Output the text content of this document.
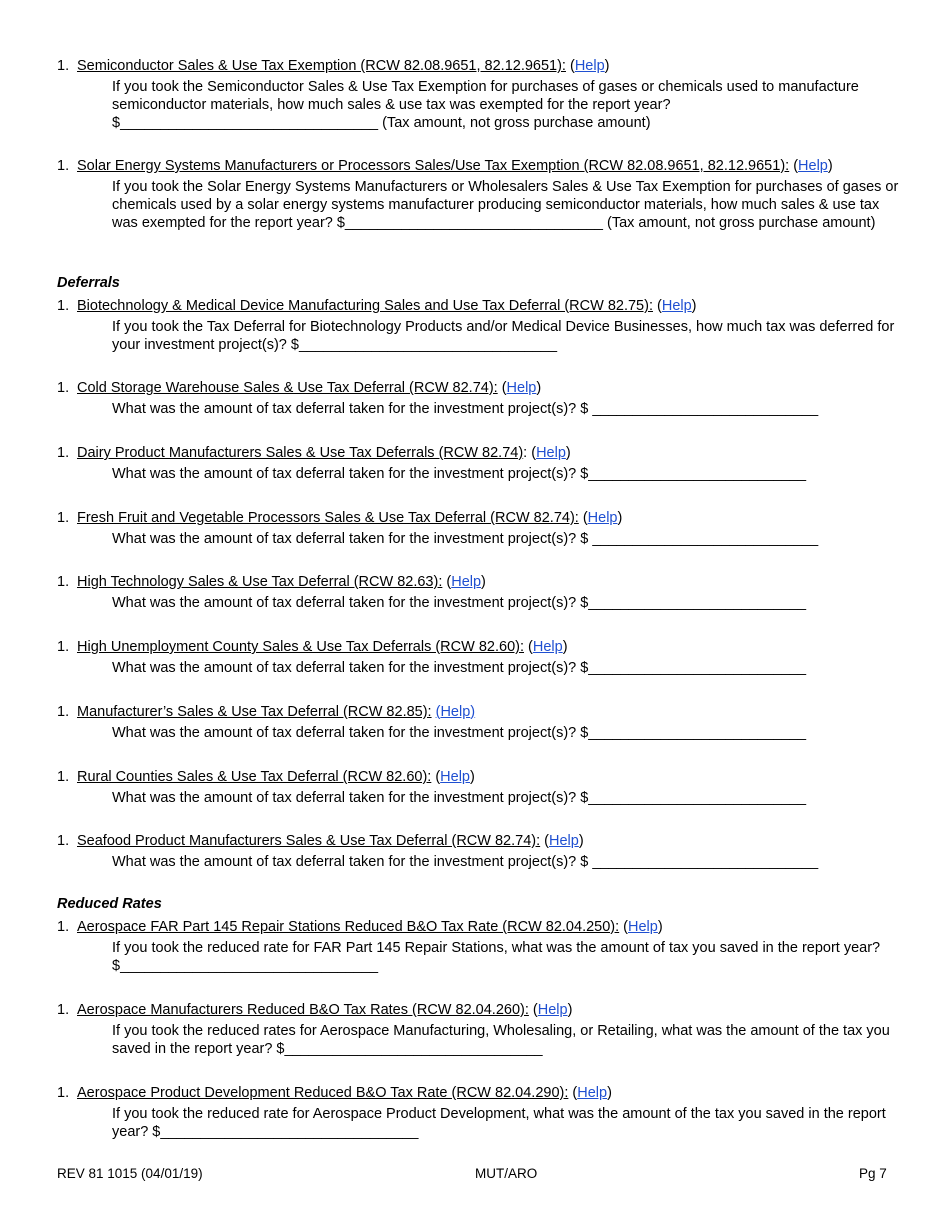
1. Semiconductor Sales & Use Tax Exemption (RCW 82.08.9651, 82.12.9651): (Help)
If you took the Semiconductor Sales & Use Tax Exemption for purchases of gases or chemicals used to manufacture semiconductor materials, how much sales & use tax was exempted for the report year? $________________________________ (Tax amount, not gross purchase amount)
1. Solar Energy Systems Manufacturers or Processors Sales/Use Tax Exemption (RCW 82.08.9651, 82.12.9651): (Help)
If you took the Solar Energy Systems Manufacturers or Wholesalers Sales & Use Tax Exemption for purchases of gases or chemicals used by a solar energy systems manufacturer producing semiconductor materials, how much sales & use tax was exempted for the report year? $________________________________ (Tax amount, not gross purchase amount)
Deferrals
1. Biotechnology & Medical Device Manufacturing Sales and Use Tax Deferral (RCW 82.75): (Help)
If you took the Tax Deferral for Biotechnology Products and/or Medical Device Businesses, how much tax was deferred for your investment project(s)? $________________________________
1. Cold Storage Warehouse Sales & Use Tax Deferral (RCW 82.74): (Help)
What was the amount of tax deferral taken for the investment project(s)? $ ____________________________
1. Dairy Product Manufacturers Sales & Use Tax Deferrals (RCW 82.74): (Help)
What was the amount of tax deferral taken for the investment project(s)? $___________________________
1. Fresh Fruit and Vegetable Processors Sales & Use Tax Deferral (RCW 82.74): (Help)
What was the amount of tax deferral taken for the investment project(s)? $ ____________________________
1. High Technology Sales & Use Tax Deferral (RCW 82.63): (Help)
What was the amount of tax deferral taken for the investment project(s)? $___________________________
1. High Unemployment County Sales & Use Tax Deferrals (RCW 82.60): (Help)
What was the amount of tax deferral taken for the investment project(s)? $___________________________
1. Manufacturer’s Sales & Use Tax Deferral (RCW 82.85): (Help)
What was the amount of tax deferral taken for the investment project(s)? $___________________________
1. Rural Counties Sales & Use Tax Deferral (RCW 82.60): (Help)
What was the amount of tax deferral taken for the investment project(s)? $___________________________
1. Seafood Product Manufacturers Sales & Use Tax Deferral (RCW 82.74): (Help)
What was the amount of tax deferral taken for the investment project(s)? $ ____________________________
Reduced Rates
1. Aerospace FAR Part 145 Repair Stations Reduced B&O Tax Rate (RCW 82.04.250): (Help)
If you took the reduced rate for FAR Part 145 Repair Stations, what was the amount of tax you saved in the report year? $________________________________
1. Aerospace Manufacturers Reduced B&O Tax Rates (RCW 82.04.260): (Help)
If you took the reduced rates for Aerospace Manufacturing, Wholesaling, or Retailing, what was the amount of the tax you saved in the report year? $________________________________
1. Aerospace Product Development Reduced B&O Tax Rate (RCW 82.04.290): (Help)
If you took the reduced rate for Aerospace Product Development, what was the amount of the tax you saved in the report year? $________________________________
REV 81 1015 (04/01/19)	MUT/ARO	Pg 7
